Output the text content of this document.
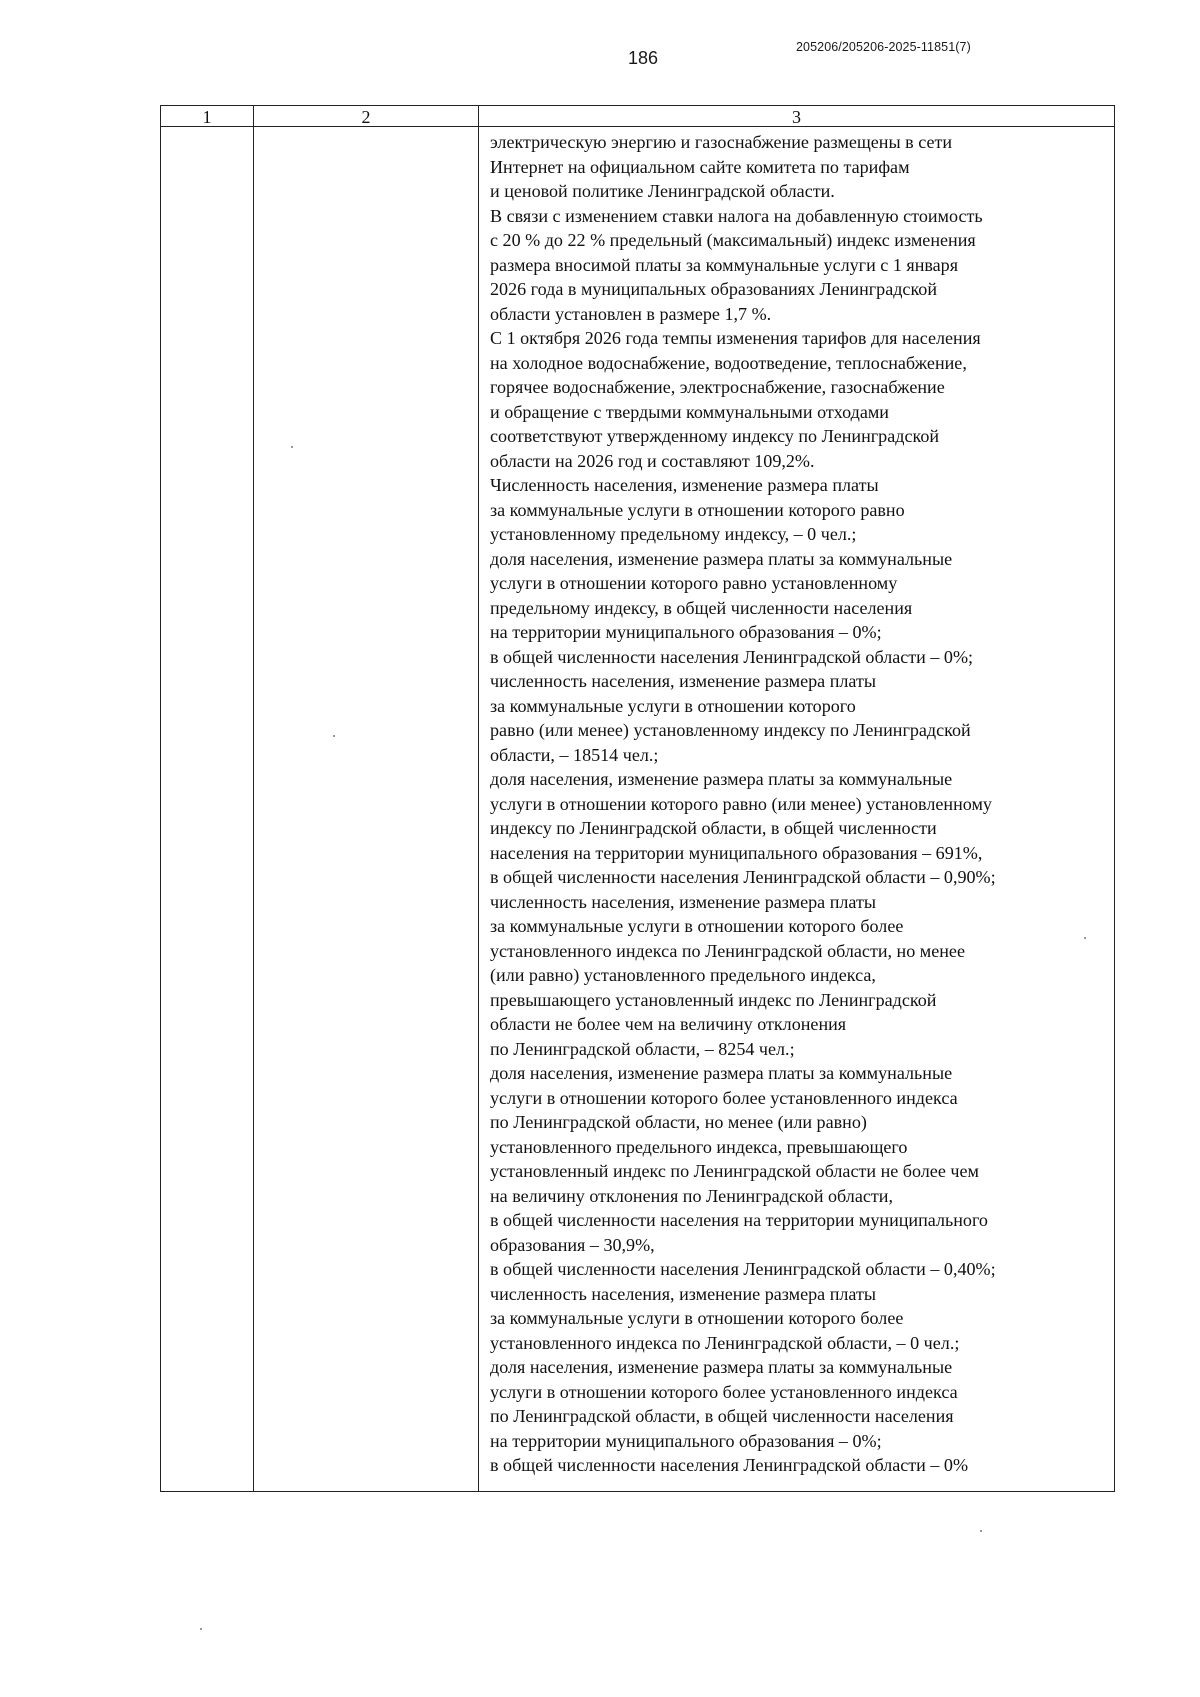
186
205206/205206-2025-11851(7)
1	2	3
электрическую энергию и газоснабжение размещены в сети
Интернет на официальном сайте комитета по тарифам
и ценовой политике Ленинградской области.
В связи с изменением ставки налога на добавленную стоимость
с 20 % до 22 % предельный (максимальный) индекс изменения
размера вносимой платы за коммунальные услуги с 1 января
2026 года в муниципальных образованиях Ленинградской
области установлен в размере 1,7 %.
С 1 октября 2026 года темпы изменения тарифов для населения
на холодное водоснабжение, водоотведение, теплоснабжение,
горячее водоснабжение, электроснабжение, газоснабжение
и обращение с твердыми коммунальными отходами
соответствуют утвержденному индексу по Ленинградской
области на 2026 год и составляют 109,2%.
Численность населения, изменение размера платы
за коммунальные услуги в отношении которого равно
установленному предельному индексу, – 0 чел.;
доля населения, изменение размера платы за коммунальные
услуги в отношении которого равно установленному
предельному индексу, в общей численности населения
на территории муниципального образования – 0%;
в общей численности населения Ленинградской области – 0%;
численность населения, изменение размера платы
за коммунальные услуги в отношении которого
равно (или менее) установленному индексу по Ленинградской
области, – 18514 чел.;
доля населения, изменение размера платы за коммунальные
услуги в отношении которого равно (или менее) установленному
индексу по Ленинградской области, в общей численности
населения на территории муниципального образования – 691%,
в общей численности населения Ленинградской области – 0,90%;
численность населения, изменение размера платы
за коммунальные услуги в отношении которого более
установленного индекса по Ленинградской области, но менее
(или равно) установленного предельного индекса,
превышающего установленный индекс по Ленинградской
области не более чем на величину отклонения
по Ленинградской области, – 8254 чел.;
доля населения, изменение размера платы за коммунальные
услуги в отношении которого более установленного индекса
по Ленинградской области, но менее (или равно)
установленного предельного индекса, превышающего
установленный индекс по Ленинградской области не более чем
на величину отклонения по Ленинградской области,
в общей численности населения на территории муниципального
образования – 30,9%,
в общей численности населения Ленинградской области – 0,40%;
численность населения, изменение размера платы
за коммунальные услуги в отношении которого более
установленного индекса по Ленинградской области, – 0 чел.;
доля населения, изменение размера платы за коммунальные
услуги в отношении которого более установленного индекса
по Ленинградской области, в общей численности населения
на территории муниципального образования – 0%;
в общей численности населения Ленинградской области – 0%
